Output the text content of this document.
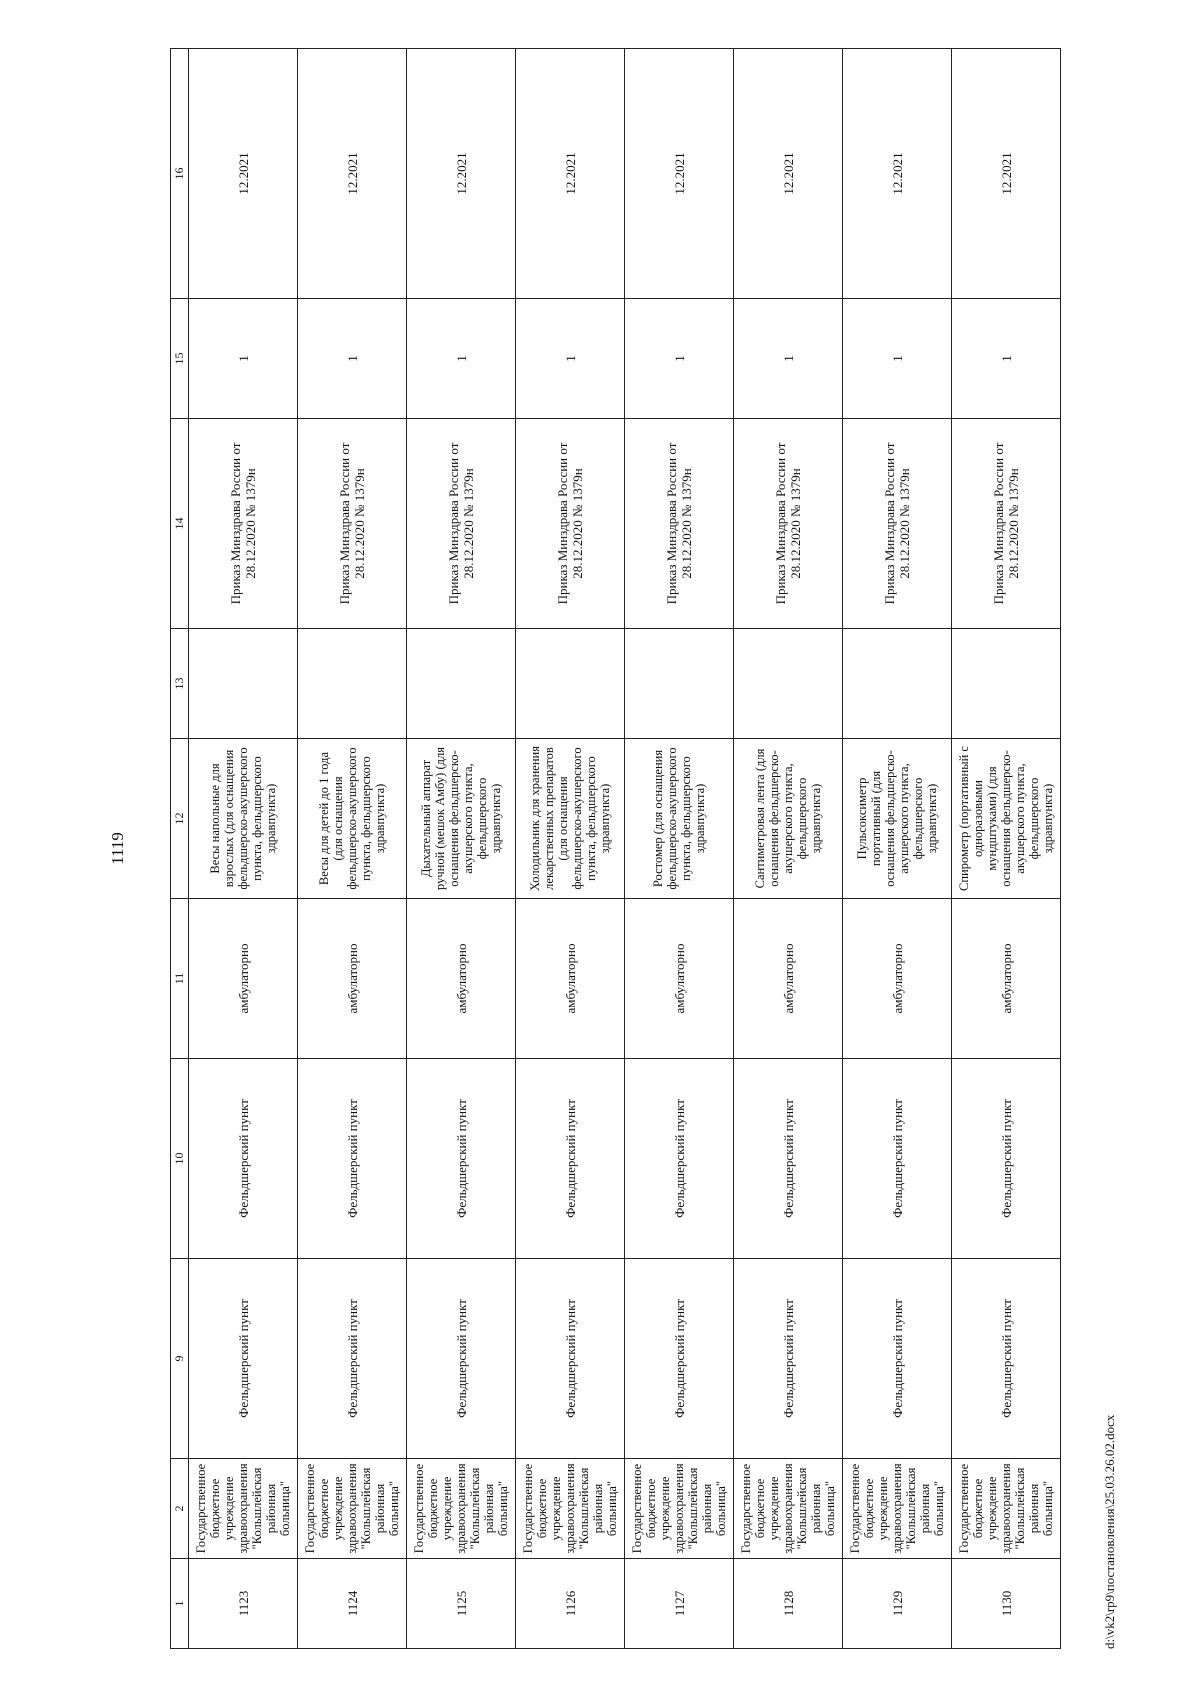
1119
1	2	9	10	11	12	13	14	15	16
1123	Государственное бюджетное учреждение здравоохранения "Кольшлейская районная больница"	Фельдшерский пункт	Фельдшерский пункт	амбулаторно	Весы напольные для взрослых (для оснащения фельдшерско-акушерского пункта, фельдшерского здравпункта)		Приказ Минздрава России от 28.12.2020 № 1379н	1	12.2021
1124	Государственное бюджетное учреждение здравоохранения "Кольшлейская районная больница"	Фельдшерский пункт	Фельдшерский пункт	амбулаторно	Весы для детей до 1 года (для оснащения фельдшерско-акушерского пункта, фельдшерского здравпункта)		Приказ Минздрава России от 28.12.2020 № 1379н	1	12.2021
1125	Государственное бюджетное учреждение здравоохранения "Кольшлейская районная больница"	Фельдшерский пункт	Фельдшерский пункт	амбулаторно	Дыхательный аппарат ручной (мешок Амбу) (для оснащения фельдшерско-акушерского пункта, фельдшерского здравпункта)		Приказ Минздрава России от 28.12.2020 № 1379н	1	12.2021
1126	Государственное бюджетное учреждение здравоохранения "Кольшлейская районная больница"	Фельдшерский пункт	Фельдшерский пункт	амбулаторно	Холодильник для хранения лекарственных препаратов (для оснащения фельдшерско-акушерского пункта, фельдшерского здравпункта)		Приказ Минздрава России от 28.12.2020 № 1379н	1	12.2021
1127	Государственное бюджетное учреждение здравоохранения "Кольшлейская районная больница"	Фельдшерский пункт	Фельдшерский пункт	амбулаторно	Ростомер (для оснащения фельдшерско-акушерского пункта, фельдшерского здравпункта)		Приказ Минздрава России от 28.12.2020 № 1379н	1	12.2021
1128	Государственное бюджетное учреждение здравоохранения "Кольшлейская районная больница"	Фельдшерский пункт	Фельдшерский пункт	амбулаторно	Сантиметровая лента (для оснащения фельдшерско-акушерского пункта, фельдшерского здравпункта)		Приказ Минздрава России от 28.12.2020 № 1379н	1	12.2021
1129	Государственное бюджетное учреждение здравоохранения "Кольшлейская районная больница"	Фельдшерский пункт	Фельдшерский пункт	амбулаторно	Пульсоксиметр портативный (для оснащения фельдшерско-акушерского пункта, фельдшерского здравпункта)		Приказ Минздрава России от 28.12.2020 № 1379н	1	12.2021
1130	Государственное бюджетное учреждение здравоохранения "Кольшлейская районная больница"	Фельдшерский пункт	Фельдшерский пункт	амбулаторно	Спирометр (портативный с одноразовыми мундштуками) (для оснащения фельдшерско-акушерского пункта, фельдшерского здравпункта)		Приказ Минздрава России от 28.12.2020 № 1379н	1	12.2021
d:\vk2\rp9\постановления\25.03.26.02.docx
